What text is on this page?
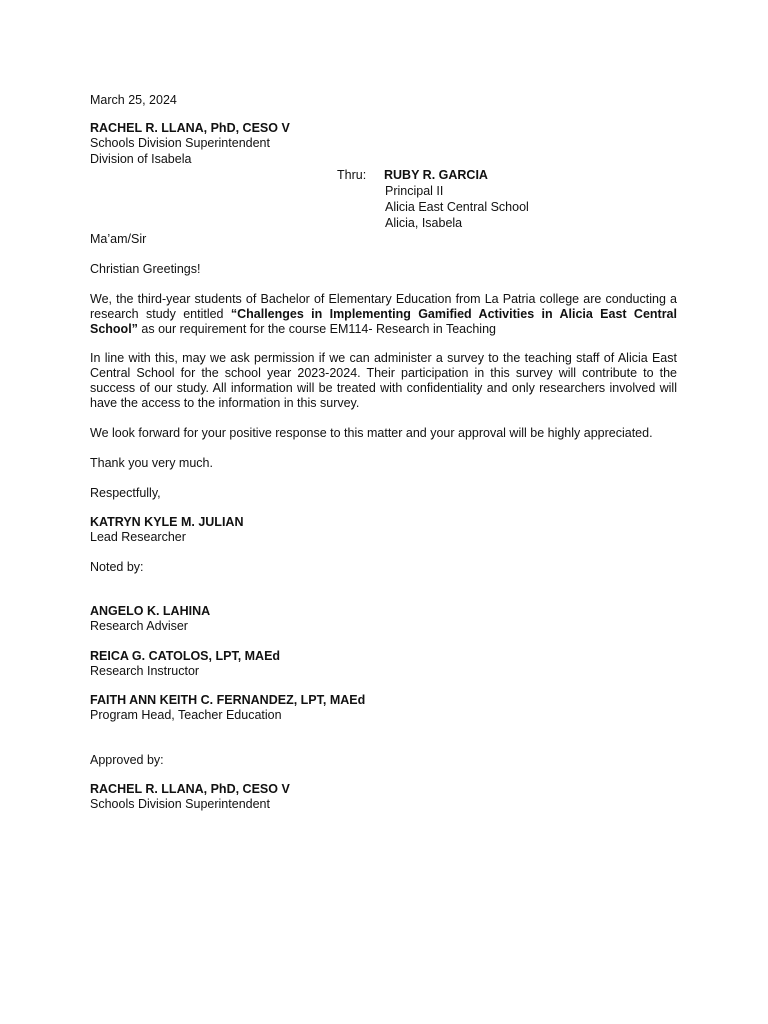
March 25, 2024
RACHEL R. LLANA, PhD, CESO V
Schools Division Superintendent
Division of Isabela
Thru: RUBY R. GARCIA
Principal II
Alicia East Central School
Alicia, Isabela
Ma’am/Sir
Christian Greetings!
We, the third-year students of Bachelor of Elementary Education from La Patria college are conducting a research study entitled “Challenges in Implementing Gamified Activities in Alicia East Central School” as our requirement for the course EM114- Research in Teaching
In line with this, may we ask permission if we can administer a survey to the teaching staff of Alicia East Central School for the school year 2023-2024. Their participation in this survey will contribute to the success of our study. All information will be treated with confidentiality and only researchers involved will have the access to the information in this survey.
We look forward for your positive response to this matter and your approval will be highly appreciated.
Thank you very much.
Respectfully,
KATRYN KYLE M. JULIAN
Lead Researcher
Noted by:
ANGELO K. LAHINA
Research Adviser
REICA G. CATOLOS, LPT, MAEd
Research Instructor
FAITH ANN KEITH C. FERNANDEZ, LPT, MAEd
Program Head, Teacher Education
Approved by:
RACHEL R. LLANA, PhD, CESO V
Schools Division Superintendent
